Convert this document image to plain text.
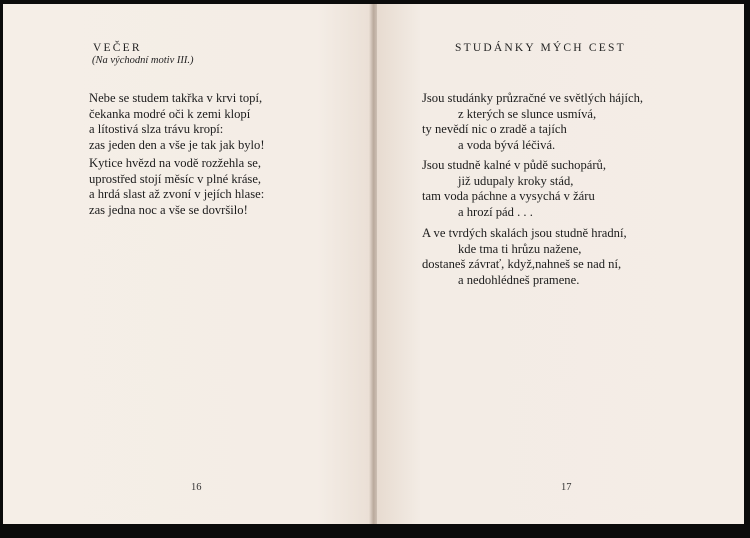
VEČER
(Na východní motiv III.)
Nebe se studem takřka v krvi topí,
čekanka modré oči k zemi klopí
a lítostivá slza trávu kropí:
zas jeden den a vše je tak jak bylo!
Kytice hvězd na vodě rozžehla se,
uprostřed stojí měsíc v plné kráse,
a hrdá slast až zvoní v jejích hlase:
zas jedna noc a vše se dovršilo!
16
STUDÁNKY MÝCH CEST
Jsou studánky průzračné ve světlých hájích,
z kterých se slunce usmívá,
ty nevědí nic o zradě a tajích
a voda bývá léčivá.
Jsou studně kalné v půdě suchopárů,
již udupaly kroky stád,
tam voda páchne a vysychá v žáru
a hrozí pád . . .
A ve tvrdých skalách jsou studně hradní,
kde tma ti hrůzu nažene,
dostaneš závrať, když,nahneš se nad ní,
a nedohlédneš pramene.
17
